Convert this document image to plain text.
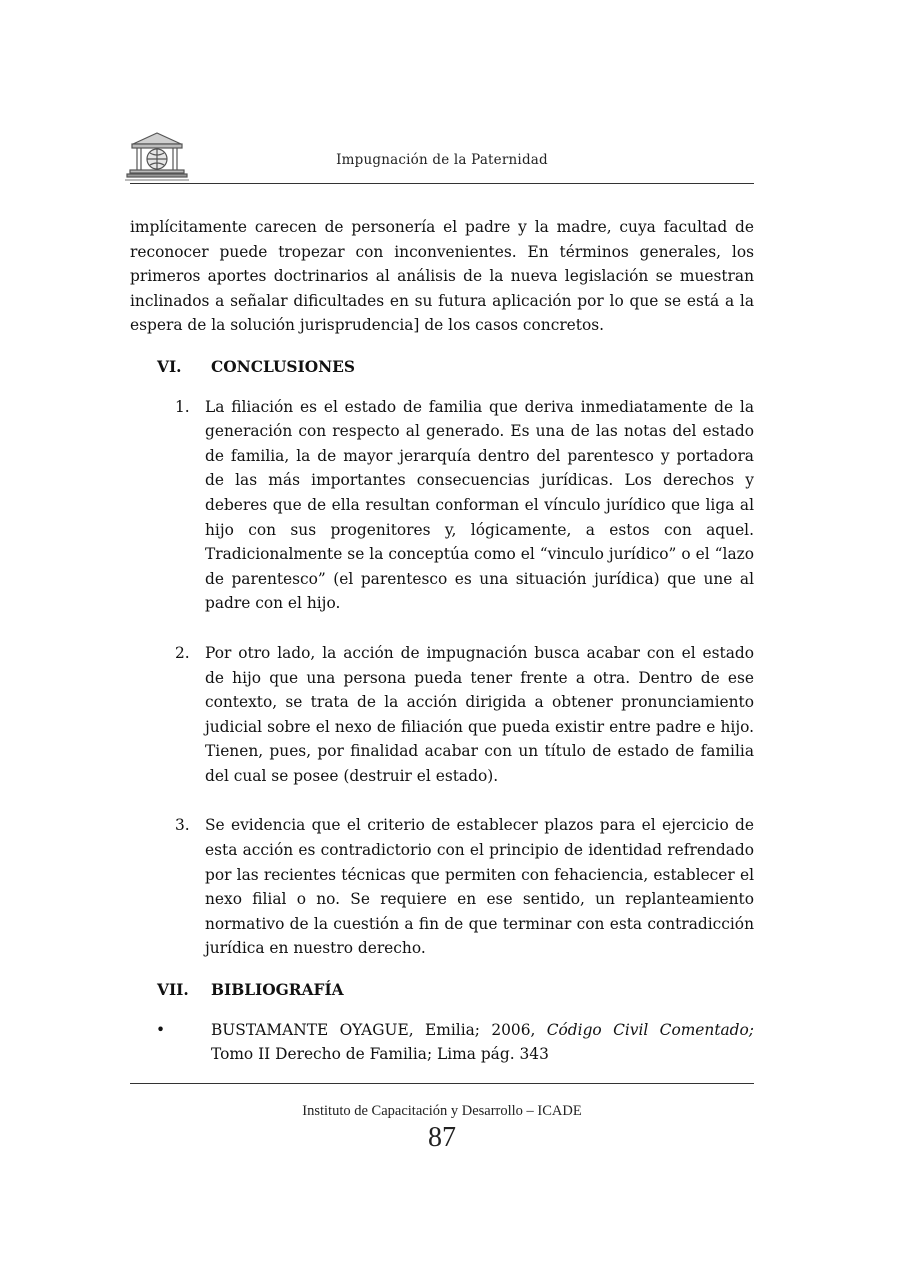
Impugnación de la Paternidad

implícitamente carecen de personería el padre y la madre, cuya facultad de reconocer puede tropezar con inconvenientes. En términos generales, los primeros aportes doctrinarios al análisis de la nueva legislación se muestran inclinados a señalar dificultades en su futura aplicación por lo que se está a la espera de la solución jurisprudencia] de los casos concretos.

VI.	CONCLUSIONES
1. La filiación es el estado de familia que deriva inmediatamente de la generación con respecto al generado. Es una de las notas del estado de familia, la de mayor jerarquía dentro del parentesco y portadora de las más importantes consecuencias jurídicas. Los derechos y deberes que de ella resultan conforman el vínculo jurídico que liga al hijo con sus progenitores y, lógicamente, a estos con aquel. Tradicionalmente se la conceptúa como el “vinculo jurídico” o el “lazo de parentesco” (el parentesco es una situación jurídica) que une al padre con el hijo.
2. Por otro lado, la acción de impugnación busca acabar con el estado de hijo que una persona pueda tener frente a otra. Dentro de ese contexto, se trata de la acción dirigida a obtener pronunciamiento judicial sobre el nexo de filiación que pueda existir entre padre e hijo. Tienen, pues, por finalidad acabar con un título de estado de familia del cual se posee (destruir el estado).
3. Se evidencia que el criterio de establecer plazos para el ejercicio de esta acción es contradictorio con el principio de identidad refrendado por las recientes técnicas que permiten con fehaciencia, establecer el nexo filial o no. Se requiere en ese sentido, un replanteamiento normativo de la cuestión a fin de que terminar con esta contradicción jurídica en nuestro derecho.
VII.	BIBLIOGRAFÍA
•	BUSTAMANTE OYAGUE, Emilia; 2006, Código Civil Comentado; Tomo II Derecho de Familia; Lima pág. 343
Instituto de Capacitación y Desarrollo – ICADE
87
